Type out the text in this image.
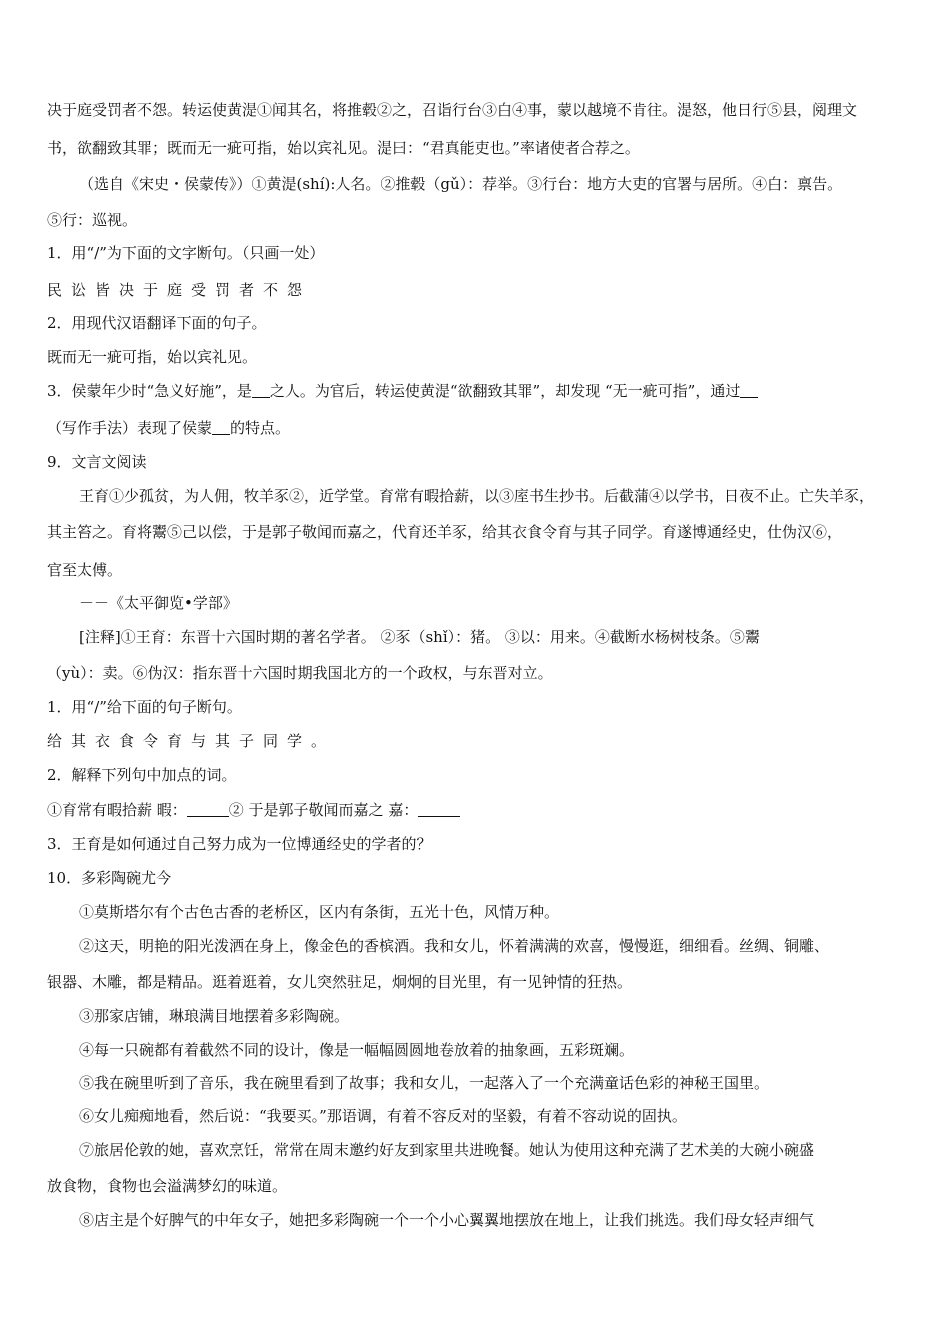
决于庭受罚者不怨。转运使黄湜①闻其名，将推毂②之，召诣行台③白④事，蒙以越境不肯往。湜怒，他日行⑤县，阅理文
书，欲翻致其罪；既而无一疵可指，始以宾礼见。湜曰：“君真能吏也。”率诸使者合荐之。
（选自《宋史・侯蒙传》）①黄湜(shí):人名。②推毂（gǔ）：荐举。③行台：地方大吏的官署与居所。④白：禀告。
⑤行：巡视。
1．用“/”为下面的文字断句。（只画一处）
民讼皆决于庭受罚者不怨
2．用现代汉语翻译下面的句子。
既而无一疵可指，始以宾礼见。
3．侯蒙年少时“急义好施”，是 之人。为官后，转运使黄湜“欲翻致其罪”，却发现 “无一疵可指”，通过
（写作手法）表现了侯蒙 的特点。
9．文言文阅读
王育①少孤贫，为人佣，牧羊豕②，近学堂。育常有暇拾薪，以③庢书生抄书。后截蒲④以学书，日夜不止。亡失羊豕，
其主笞之。育将鬻⑤己以偿，于是郭子敬闻而嘉之，代育还羊豕，给其衣食令育与其子同学。育遂博通经史，仕伪汉⑥，
官至太傅。
－－《太平御览•学部》
[注释]①王育：东晋十六国时期的著名学者。 ②豕（shǐ）：猪。 ③以：用来。④截断水杨树枝条。⑤鬻
（yù）：卖。⑥伪汉：指东晋十六国时期我国北方的一个政权，与东晋对立。
1．用“/”给下面的句子断句。
给其衣食令育与其子同学。
2．解释下列句中加点的词。
①育常有暇拾薪 暇：	② 于是郭子敬闻而嘉之 嘉：
3．王育是如何通过自己努力成为一位博通经史的学者的？
10．多彩陶碗尤今
①莫斯塔尔有个古色古香的老桥区，区内有条街，五光十色，风情万种。
②这天，明艳的阳光泼洒在身上，像金色的香槟酒。我和女儿，怀着满满的欢喜，慢慢逛，细细看。丝绸、铜雕、
银器、木雕，都是精品。逛着逛着，女儿突然驻足，炯炯的目光里，有一见钟情的狂热。
③那家店铺，琳琅满目地摆着多彩陶碗。
④每一只碗都有着截然不同的设计，像是一幅幅圆圆地卷放着的抽象画，五彩斑斓。
⑤我在碗里听到了音乐，我在碗里看到了故事；我和女儿，一起落入了一个充满童话色彩的神秘王国里。
⑥女儿痴痴地看，然后说：“我要买。”那语调，有着不容反对的坚毅，有着不容动说的固执。
⑦旅居伦敦的她，喜欢烹饪，常常在周末邀约好友到家里共进晚餐。她认为使用这种充满了艺术美的大碗小碗盛
放食物，食物也会溢满梦幻的味道。
⑧店主是个好脾气的中年女子，她把多彩陶碗一个一个小心翼翼地摆放在地上，让我们挑选。我们母女轻声细气
